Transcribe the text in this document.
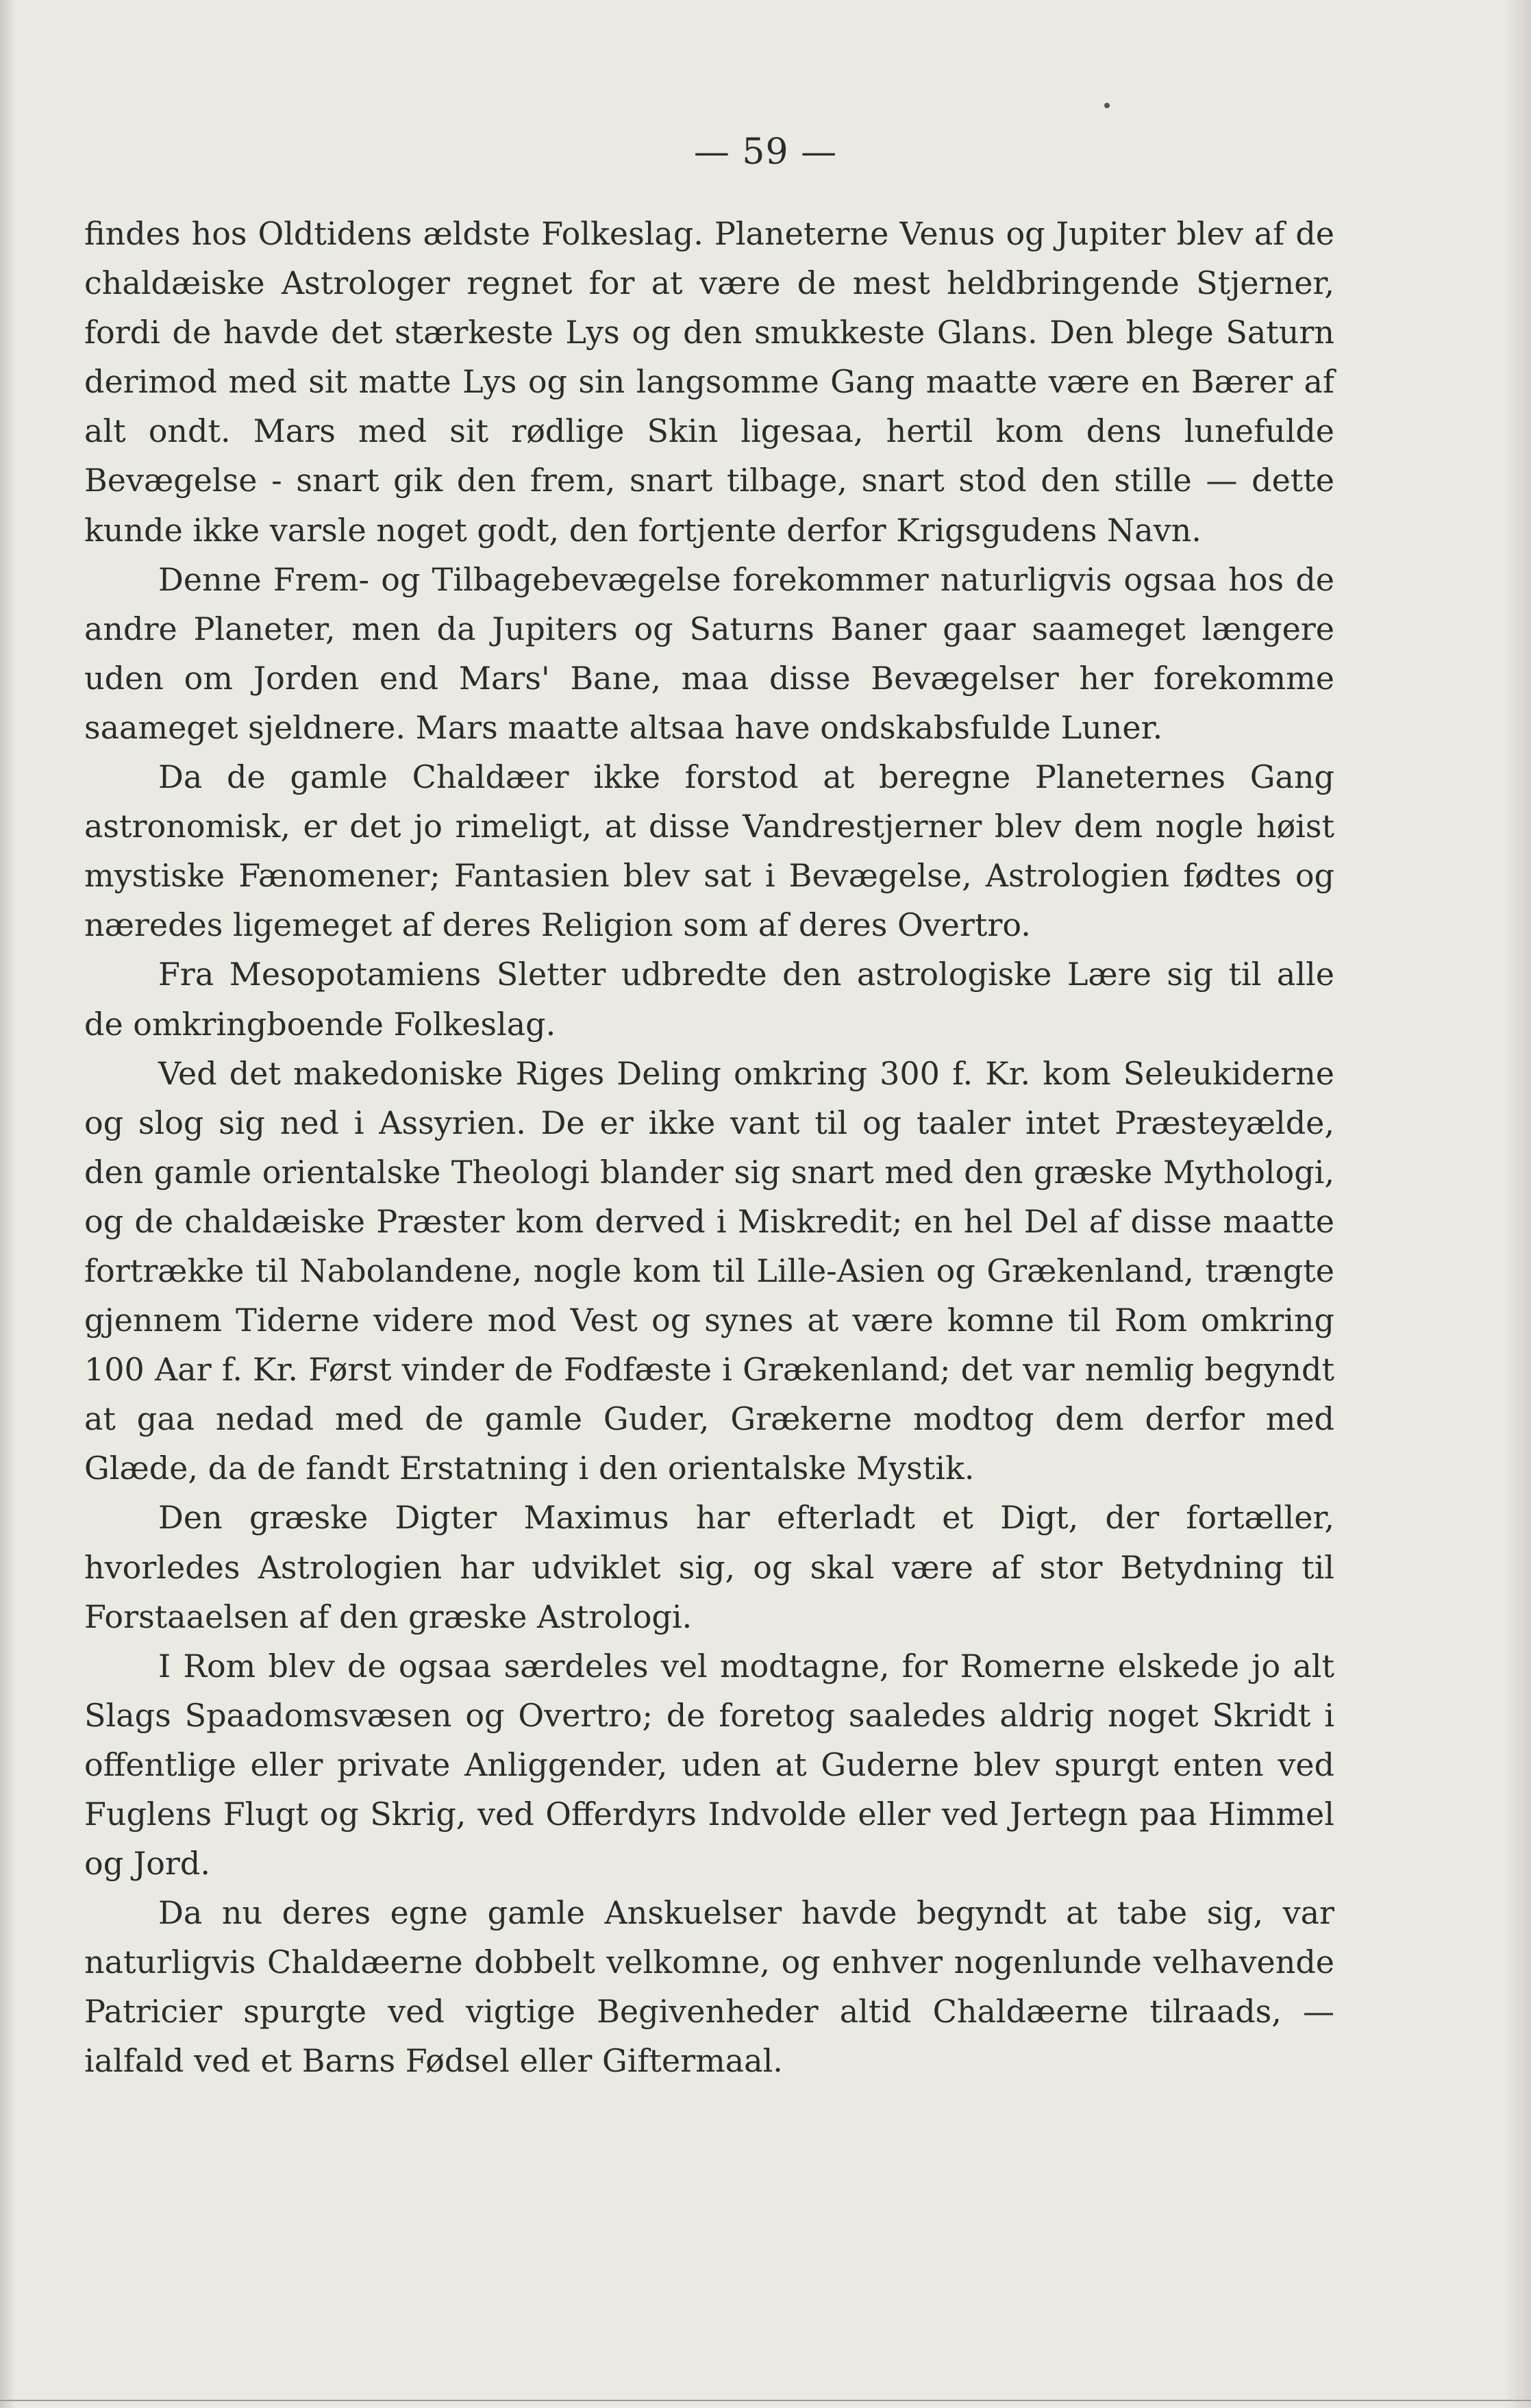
— 59 —

findes hos Oldtidens ældste Folkeslag. Planeterne Venus og Jupiter blev af de chaldæiske Astrologer regnet for at være de mest heldbringende Stjerner, fordi de havde det stærkeste Lys og den smukkeste Glans. Den blege Saturn derimod med sit matte Lys og sin langsomme Gang maatte være en Bærer af alt ondt. Mars med sit rødlige Skin ligesaa, hertil kom dens lunefulde Bevægelse - snart gik den frem, snart tilbage, snart stod den stille — dette kunde ikke varsle noget godt, den fortjente derfor Krigsgudens Navn.

Denne Frem- og Tilbagebevægelse forekommer naturligvis ogsaa hos de andre Planeter, men da Jupiters og Saturns Baner gaar saameget længere uden om Jorden end Mars' Bane, maa disse Bevægelser her forekomme saameget sjeldnere. Mars maatte altsaa have ondskabsfulde Luner.

Da de gamle Chaldæer ikke forstod at beregne Planeternes Gang astronomisk, er det jo rimeligt, at disse Vandrestjerner blev dem nogle høist mystiske Fænomener; Fantasien blev sat i Bevægelse, Astrologien fødtes og næredes ligemeget af deres Religion som af deres Overtro.

Fra Mesopotamiens Sletter udbredte den astrologiske Lære sig til alle de omkringboende Folkeslag.

Ved det makedoniske Riges Deling omkring 300 f. Kr. kom Seleukiderne og slog sig ned i Assyrien. De er ikke vant til og taaler intet Præsteyælde, den gamle orientalske Theologi blander sig snart med den græske Mythologi, og de chaldæiske Præster kom derved i Miskredit; en hel Del af disse maatte fortrække til Nabolandene, nogle kom til Lille-Asien og Grækenland, trængte gjennem Tiderne videre mod Vest og synes at være komne til Rom omkring 100 Aar f. Kr. Først vinder de Fodfæste i Grækenland; det var nemlig begyndt at gaa nedad med de gamle Guder, Grækerne modtog dem derfor med Glæde, da de fandt Erstatning i den orientalske Mystik.

Den græske Digter Maximus har efterladt et Digt, der fortæller, hvorledes Astrologien har udviklet sig, og skal være af stor Betydning til Forstaaelsen af den græske Astrologi.

I Rom blev de ogsaa særdeles vel modtagne, for Romerne elskede jo alt Slags Spaadomsvæsen og Overtro; de foretog saaledes aldrig noget Skridt i offentlige eller private Anliggender, uden at Guderne blev spurgt enten ved Fuglens Flugt og Skrig, ved Offerdyrs Indvolde eller ved Jertegn paa Himmel og Jord.

Da nu deres egne gamle Anskuelser havde begyndt at tabe sig, var naturligvis Chaldæerne dobbelt velkomne, og enhver nogenlunde velhavende Patricier spurgte ved vigtige Begivenheder altid Chaldæerne tilraads, — ialfald ved et Barns Fødsel eller Giftermaal.
